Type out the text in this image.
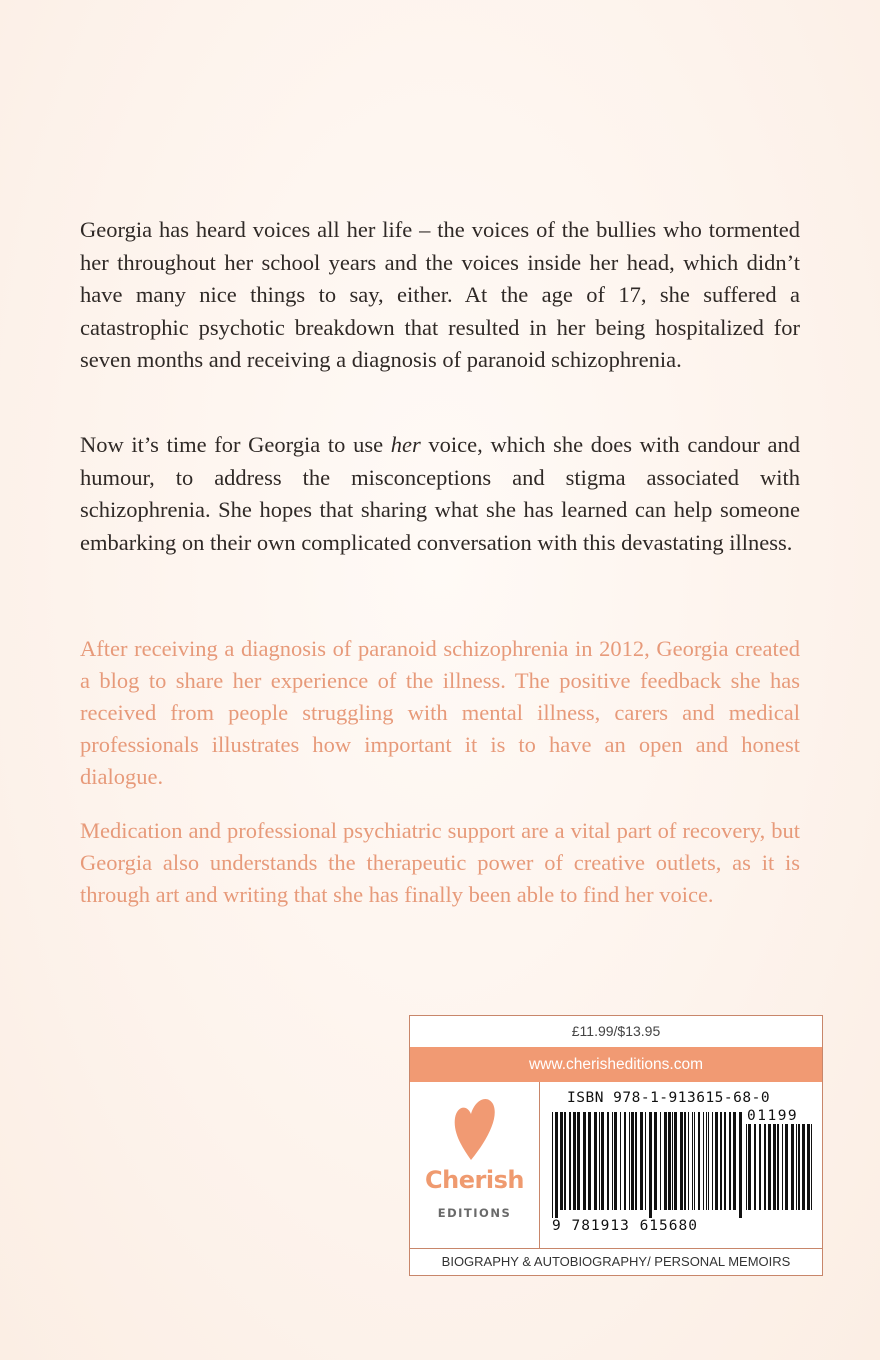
Georgia has heard voices all her life – the voices of the bullies who tormented her throughout her school years and the voices inside her head, which didn’t have many nice things to say, either. At the age of 17, she suffered a catastrophic psychotic breakdown that resulted in her being hospitalized for seven months and receiving a diagnosis of paranoid schizophrenia.

Now it’s time for Georgia to use her voice, which she does with candour and humour, to address the misconceptions and stigma associated with schizophrenia. She hopes that sharing what she has learned can help someone embarking on their own complicated conversation with this devastating illness.

After receiving a diagnosis of paranoid schizophrenia in 2012, Georgia created a blog to share her experience of the illness. The positive feedback she has received from people struggling with mental illness, carers and medical professionals illustrates how important it is to have an open and honest dialogue.

Medication and professional psychiatric support are a vital part of recovery, but Georgia also understands the therapeutic power of creative outlets, as it is through art and writing that she has finally been able to find her voice.

£11.99/$13.95
www.cherisheditions.com
Cherish
EDITIONS
ISBN 978-1-913615-68-0
01199
9 781913 615680
BIOGRAPHY & AUTOBIOGRAPHY/ PERSONAL MEMOIRS
